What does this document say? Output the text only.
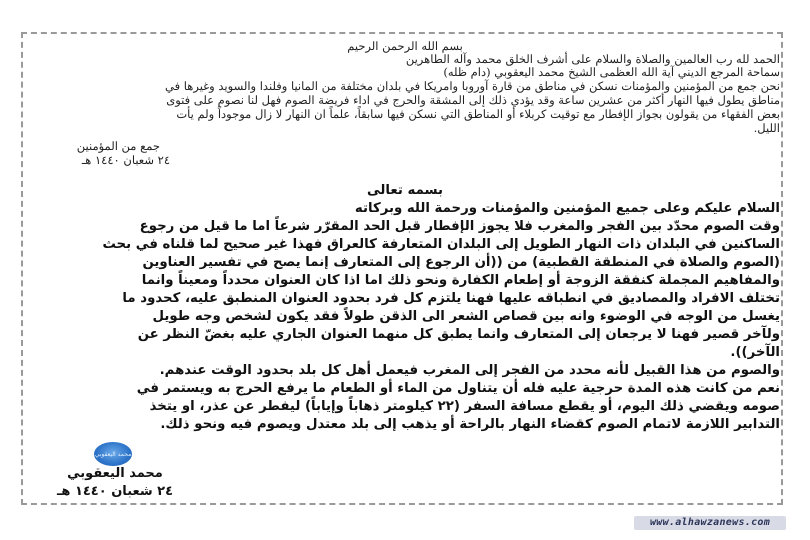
بسم الله الرحمن الرحيم
الحمد لله رب العالمين والصلاة والسلام على أشرف الخلق محمد وآله الطاهرين
سماحة المرجع الديني آية الله العظمى الشيخ محمد اليعقوبي (دام ظله)
نحن جمع من المؤمنين والمؤمنات نسكن في مناطق من قارة آوروبا وامريكا في بلدان مختلفة من المانيا وفلندا والسويد وغيرها في
مناطق يطول فيها النهار أكثر من عشرين ساعة وقد يؤدي ذلك إلى المشقة والحرج في اداء فريضة الصوم فهل لنا نصوم على فتوى
بعض الفقهاء من يقولون بجواز الإفطار مع توقيت كربلاء أو المناطق التي نسكن فيها سابقاً، علماً ان النهار لا زال موجوداً ولم يأت
الليل.
جمع من المؤمنين
٢٤ شعبان ١٤٤٠ هـ
بسمه تعالى
السلام عليكم وعلى جميع المؤمنين والمؤمنات ورحمة الله وبركاته
وقت الصوم محدّد بين الفجر والمغرب فلا يجوز الإفطار قبل الحد المقرّر شرعاً اما ما قيل من رجوع
الساكنين في البلدان ذات النهار الطويل إلى البلدان المتعارفة كالعراق فهذا غير صحيح لما قلناه في بحث
(الصوم والصلاة في المنطقة القطبية) من ((أن الرجوع إلى المتعارف إنما يصح في تفسير العناوين
والمفاهيم المجملة كنفقة الزوجة أو إطعام الكفارة ونحو ذلك اما اذا كان العنوان محدداً ومعيناً وانما
تختلف الافراد والمصاديق في انطباقه عليها فهنا يلتزم كل فرد بحدود العنوان المنطبق عليه، كحدود ما
يغسل من الوجه في الوضوء وانه بين قصاص الشعر الى الذقن طولاً فقد يكون لشخص وجه طويل
ولآخر قصير فهنا لا يرجعان إلى المتعارف وانما يطبق كل منهما العنوان الجاري عليه بغضّ النظر عن
الآخر)).
والصوم من هذا القبيل لأنه محدد من الفجر إلى المغرب فيعمل أهل كل بلد بحدود الوقت عندهم.
نعم من كانت هذه المدة حرجية عليه فله أن يتناول من الماء أو الطعام ما يرفع الحرج به ويستمر في
صومه ويقضي ذلك اليوم، أو يقطع مسافة السفر (٢٢ كيلومتر ذهاباً وإياباً) ليفطر عن عذر، او يتخذ
التدابير اللازمة لاتمام الصوم كقضاء النهار بالراحة أو يذهب إلى بلد معتدل ويصوم فيه ونحو ذلك.
محمد اليعقوبي
محمد اليعقوبي
٢٤ شعبان ١٤٤٠ هـ
www.alhawzanews.com
